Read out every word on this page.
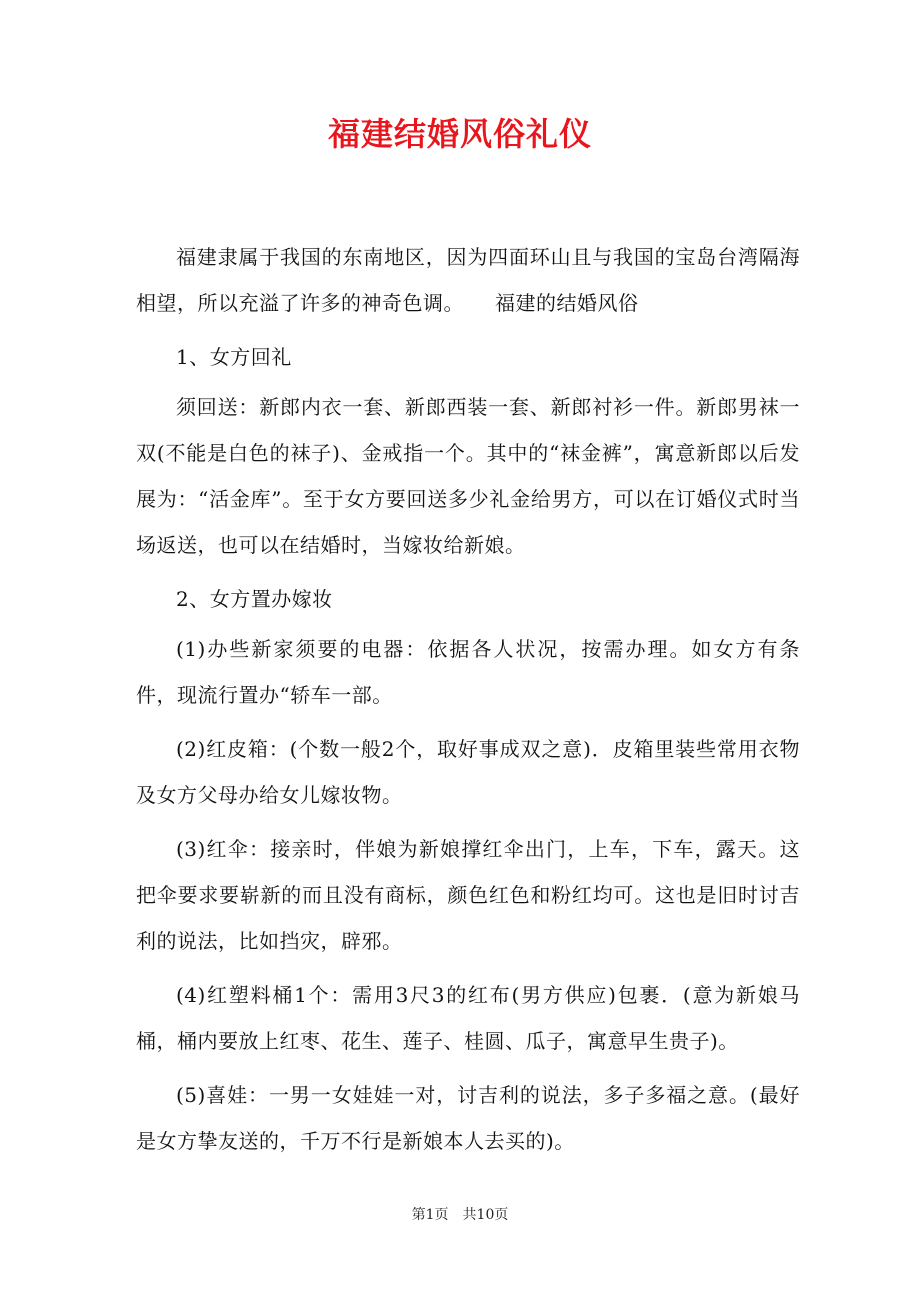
福建结婚风俗礼仪

福建隶属于我国的东南地区，因为四面环山且与我国的宝岛台湾隔海相望，所以充溢了许多的神奇色调。　　福建的结婚风俗

1、女方回礼

须回送：新郎内衣一套、新郎西装一套、新郎衬衫一件。新郎男袜一双(不能是白色的袜子)、金戒指一个。其中的“袜金裤”，寓意新郎以后发展为：“活金库”。至于女方要回送多少礼金给男方，可以在订婚仪式时当场返送，也可以在结婚时，当嫁妆给新娘。

2、女方置办嫁妆

(1)办些新家须要的电器：依据各人状况，按需办理。如女方有条件，现流行置办“轿车一部。

(2)红皮箱：(个数一般2个，取好事成双之意)．皮箱里装些常用衣物及女方父母办给女儿嫁妆物。

(3)红伞：接亲时，伴娘为新娘撑红伞出门，上车，下车，露天。这把伞要求要崭新的而且没有商标，颜色红色和粉红均可。这也是旧时讨吉利的说法，比如挡灾，辟邪。

(4)红塑料桶1个：需用3尺3的红布(男方供应)包裹．(意为新娘马桶，桶内要放上红枣、花生、莲子、桂圆、瓜子，寓意早生贵子)。

(5)喜娃：一男一女娃娃一对，讨吉利的说法，多子多福之意。(最好是女方挚友送的，千万不行是新娘本人去买的)。

第1页 共10页
